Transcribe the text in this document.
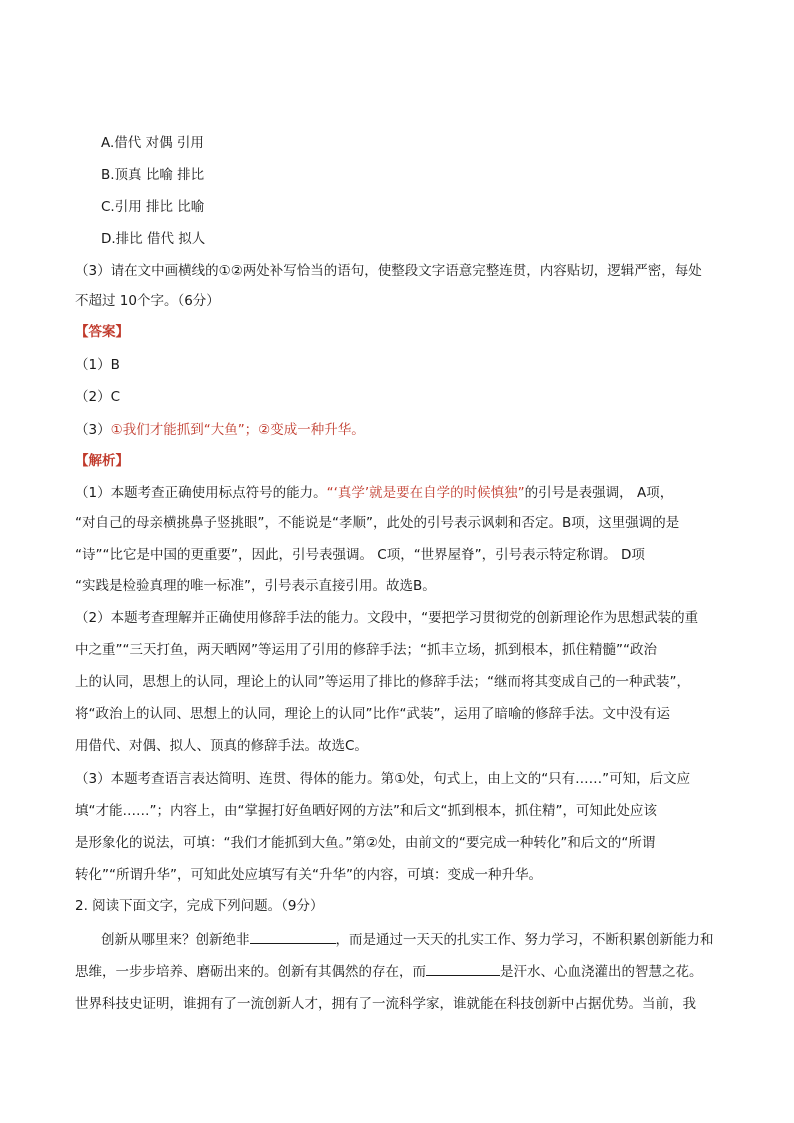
A.借代 对偶 引用
B.顶真 比喻 排比
C.引用 排比 比喻
D.排比 借代 拟人
（3）请在文中画横线的①②两处补写恰当的语句，使整段文字语意完整连贯，内容贴切，逻辑严密，每处
不超过 10个字。（6分）
【答案】
（1）B
（2）C
（3）①我们才能抓到“大鱼”；②变成一种升华。
【解析】
（1）本题考查正确使用标点符号的能力。“‘真学’就是要在自学的时候慎独”的引号是表强调， A项，
“对自己的母亲横挑鼻子竖挑眼”，不能说是“孝顺”，此处的引号表示讽刺和否定。B项，这里强调的是
“诗”“比它是中国的更重要”，因此，引号表强调。 C项，“世界屋脊”，引号表示特定称谓。 D项
“实践是检验真理的唯一标准”，引号表示直接引用。故选B。
（2）本题考查理解并正确使用修辞手法的能力。文段中，“要把学习贯彻党的创新理论作为思想武装的重
中之重”“三天打鱼，两天晒网”等运用了引用的修辞手法；“抓丰立场，抓到根本，抓住精髓”“政治
上的认同，思想上的认同，理论上的认同”等运用了排比的修辞手法；“继而将其变成自己的一种武装”，
将“政治上的认同、思想上的认同，理论上的认同”比作“武装”，运用了暗喻的修辞手法。文中没有运
用借代、对偶、拟人、顶真的修辞手法。故选C。
（3）本题考查语言表达简明、连贯、得体的能力。第①处，句式上，由上文的“只有……”可知，后文应
填“才能……”；内容上，由“掌握打好鱼晒好网的方法”和后文“抓到根本，抓住精”，可知此处应该
是形象化的说法，可填：“我们才能抓到大鱼。”第②处，由前文的“要完成一种转化”和后文的“所谓
转化”“所谓升华”，可知此处应填写有关“升华”的内容，可填：变成一种升华。
2. 阅读下面文字，完成下列问题。（9分）
创新从哪里来？创新绝非	，而是通过一天天的扎实工作、努力学习，不断积累创新能力和
思维，一步步培养、磨砺出来的。创新有其偶然的存在，而	是汗水、心血浇灌出的智慧之花。
世界科技史证明，谁拥有了一流创新人才，拥有了一流科学家，谁就能在科技创新中占据优势。当前，我
